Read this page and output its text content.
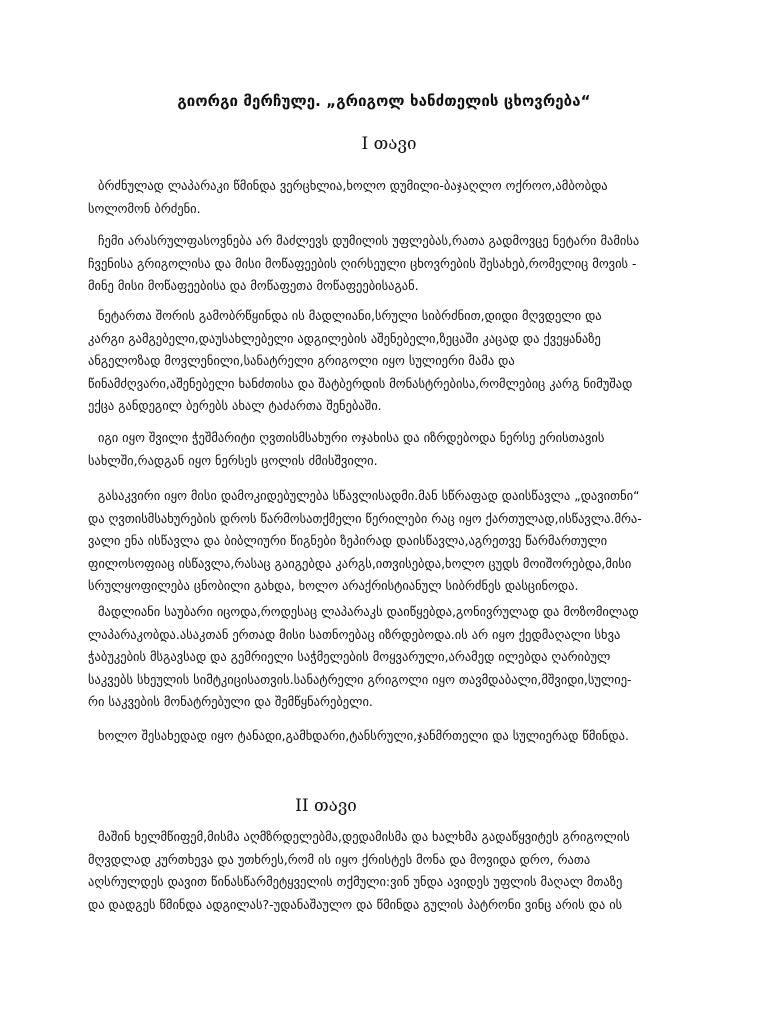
გიორგი მერჩულე. „გრიგოლ ხანძთელის ცხოვრება“
I თავი

ბრძნულად ლაპარაკი წმინდა ვერცხლია,ხოლო დუმილი-ბაჯაღლო ოქროო,ამბობდა
სოლომონ ბრძენი.

ჩემი არასრულფასოვნება არ მაძლევს დუმილის უფლებას,რათა გადმოვცე ნეტარი მამისა
ჩვენისა გრიგოლისა და მისი მოწაფეების ღირსეული ცხოვრების შესახებ,რომელიც მოვის -
მინე მისი მოწაფეებისა და მოწაფეთა მოწაფეებისაგან.

ნეტართა შორის გამობრწყინდა ის მადლიანი,სრული სიბრძნით,დიდი მღვდელი და
კარგი გამგებელი,დაუსახლებელი ადგილების აშენებელი,ზეცაში კაცად და ქვეყანაზე
ანგელოზად მოვლენილი,სანატრელი გრიგოლი იყო სულიერი მამა და
წინამძღვარი,აშენებელი ხანძთისა და შატბერდის მონასტრებისა,რომლებიც კარგ ნიმუშად
ექცა განდეგილ ბერებს ახალ ტაძართა შენებაში.

იგი იყო შვილი ჭეშმარიტი ღვთისმსახური ოჯახისა და იზრდებოდა ნერსე ერისთავის
სახლში,რადგან იყო ნერსეს ცოლის ძმისშვილი.

გასაკვირი იყო მისი დამოკიდებულება სწავლისადმი.მან სწრაფად დაისწავლა „დავითნი“
და ღვთისმსახურების დროს წარმოსათქმელი წერილები რაც იყო ქართულად,ისწავლა.მრა-
ვალი ენა ისწავლა და ბიბლიური წიგნები ზეპირად დაისწავლა,აგრეთვე წარმართული
ფილოსოფიაც ისწავლა,რასაც გაიგებდა კარგს,ითვისებდა,ხოლო ცუდს მოიშორებდა,მისი
სრულყოფილება ცნობილი გახდა, ხოლო არაქრისტიანულ სიბრძნეს დასცინოდა.

მადლიანი საუბარი იცოდა,როდესაც ლაპარაკს დაიწყებდა,გონივრულად და მოზომილად
ლაპარაკობდა.ასაკთან ერთად მისი სათნოებაც იზრდებოდა.ის არ იყო ქედმაღალი სხვა
ჭაბუკების მსგავსად და გემრიელი საჭმელების მოყვარული,არამედ ილებდა ღარიბულ
საკვებს სხეულის სიმტკიცისათვის.სანატრელი გრიგოლი იყო თავმდაბალი,მშვიდი,სულიე-
რი საკვების მონატრებული და შემწყნარებელი.

ხოლო შესახედად იყო ტანადი,გამხდარი,ტანსრული,ჯანმრთელი და სულიერად წმინდა.

II თავი

მაშინ ხელმწიფემ,მისმა აღმზრდელებმა,დედამისმა და ხალხმა გადაწყვიტეს გრიგოლის
მღვდლად კურთხევა და უთხრეს,რომ ის იყო ქრისტეს მონა და მოვიდა დრო, რათა
აღსრულდეს დავით წინასწარმეტყველის თქმული:ვინ უნდა ავიდეს უფლის მაღალ მთაზე
და დადგეს წმინდა ადგილას?-უდანაშაულო და წმინდა გულის პატრონი ვინც არის და ის
